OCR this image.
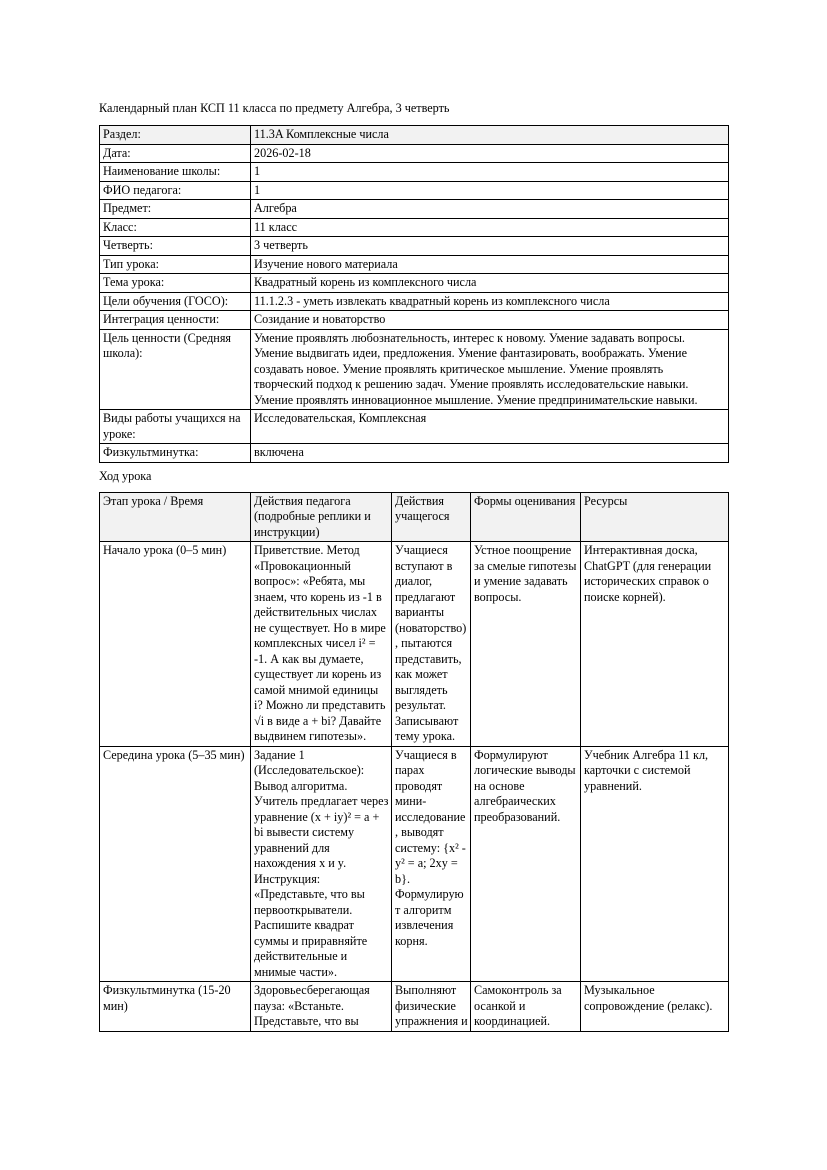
Календарный план КСП 11 класса по предмету Алгебра, 3 четверть

Раздел:	11.3A Комплексные числа
Дата:	2026-02-18
Наименование школы:	1
ФИО педагога:	1
Предмет:	Алгебра
Класс:	11 класс
Четверть:	3 четверть
Тип урока:	Изучение нового материала
Тема урока:	Квадратный корень из комплексного числа
Цели обучения (ГОСО):	11.1.2.3 - уметь извлекать квадратный корень из комплексного числа
Интеграция ценности:	Созидание и новаторство
Цель ценности (Средняя школа):	Умение проявлять любознательность, интерес к новому. Умение задавать вопросы. Умение выдвигать идеи, предложения. Умение фантазировать, воображать. Умение создавать новое. Умение проявлять критическое мышление. Умение проявлять творческий подход к решению задач. Умение проявлять исследовательские навыки. Умение проявлять инновационное мышление. Умение предпринимательские навыки.
Виды работы учащихся на уроке:	Исследовательская, Комплексная
Физкультминутка:	включена

Ход урока

Этап урока / Время	Действия педагога (подробные реплики и инструкции)	Действия учащегося	Формы оценивания	Ресурсы
Начало урока (0–5 мин)	Приветствие. Метод «Провокационный вопрос»: «Ребята, мы знаем, что корень из -1 в действительных числах не существует. Но в мире комплексных чисел i² = -1. А как вы думаете, существует ли корень из самой мнимой единицы i? Можно ли представить √i в виде a + bi? Давайте выдвинем гипотезы».	Учащиеся вступают в диалог, предлагают варианты (новаторство), пытаются представить, как может выглядеть результат. Записывают тему урока.	Устное поощрение за смелые гипотезы и умение задавать вопросы.	Интерактивная доска, ChatGPT (для генерации исторических справок о поиске корней).
Середина урока (5–35 мин)	Задание 1 (Исследовательское): Вывод алгоритма. Учитель предлагает через уравнение (x + iy)² = a + bi вывести систему уравнений для нахождения x и y. Инструкция: «Представьте, что вы первооткрыватели. Распишите квадрат суммы и приравняйте действительные и мнимые части».	Учащиеся в парах проводят мини-исследование, выводят систему: {x² - y² = a; 2xy = b}. Формулируют алгоритм извлечения корня.	Формулируют логические выводы на основе алгебраических преобразований.	Учебник Алгебра 11 кл, карточки с системой уравнений.
Физкультминутка (15-20 мин)	Здоровьесберегающая пауза: «Встаньте. Представьте, что вы	Выполняют физические упражнения и	Самоконтроль за осанкой и координацией.	Музыкальное сопровождение (релакс).
